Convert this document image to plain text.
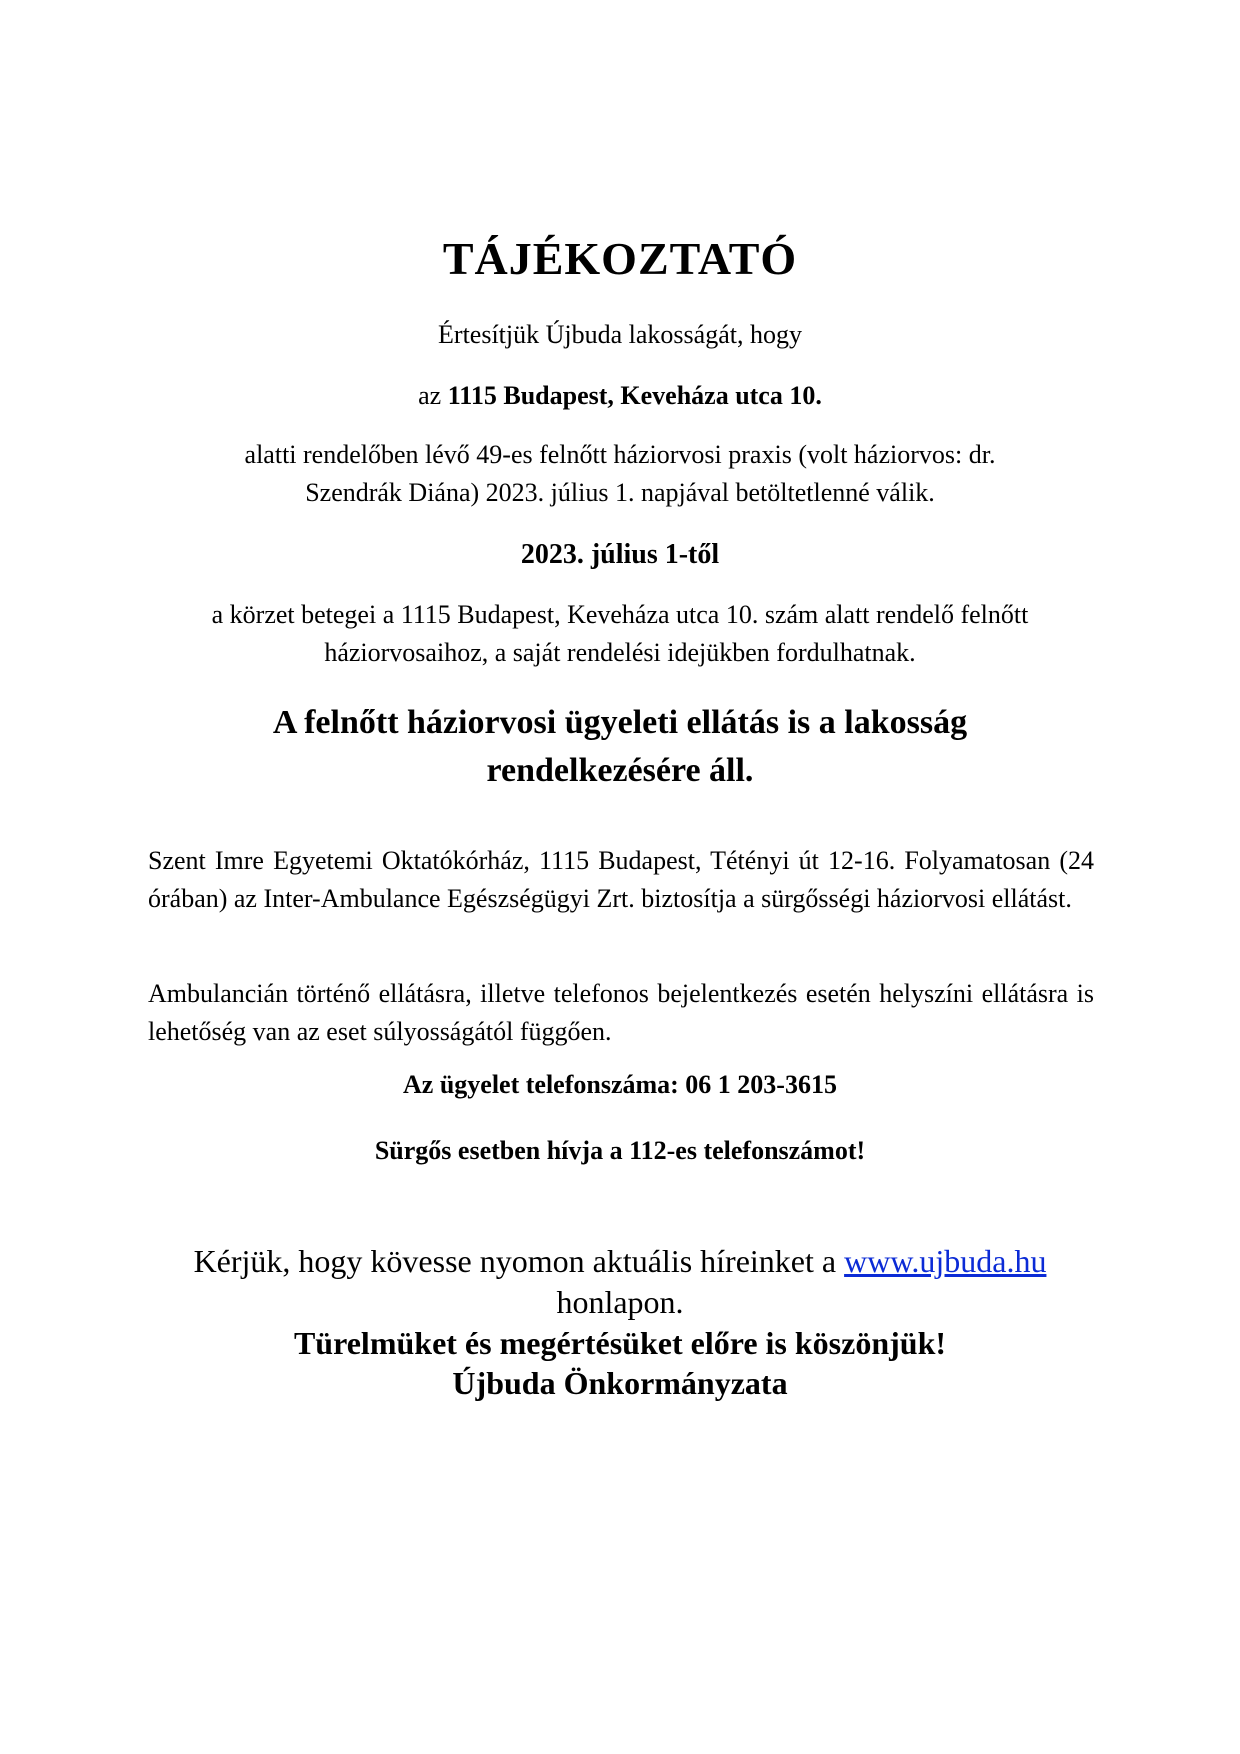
TÁJÉKOZTATÓ
Értesítjük Újbuda lakosságát, hogy
az 1115 Budapest, Keveháza utca 10.
alatti rendelőben lévő 49-es felnőtt háziorvosi praxis (volt háziorvos: dr.
Szendrák Diána) 2023. július 1. napjával betöltetlenné válik.
2023. július 1-től
a körzet betegei a 1115 Budapest, Keveháza utca 10. szám alatt rendelő felnőtt
háziorvosaihoz, a saját rendelési idejükben fordulhatnak.
A felnőtt háziorvosi ügyeleti ellátás is a lakosság
rendelkezésére áll.
Szent Imre Egyetemi Oktatókórház, 1115 Budapest, Tétényi út 12-16. Folyamatosan (24 órában) az Inter-Ambulance Egészségügyi Zrt. biztosítja a sürgősségi háziorvosi ellátást.
Ambulancián történő ellátásra, illetve telefonos bejelentkezés esetén helyszíni ellátásra is lehetőség van az eset súlyosságától függően.
Az ügyelet telefonszáma: 06 1 203-3615
Sürgős esetben hívja a 112-es telefonszámot!
Kérjük, hogy kövesse nyomon aktuális híreinket a www.ujbuda.hu
honlapon.
Türelmüket és megértésüket előre is köszönjük!
Újbuda Önkormányzata
